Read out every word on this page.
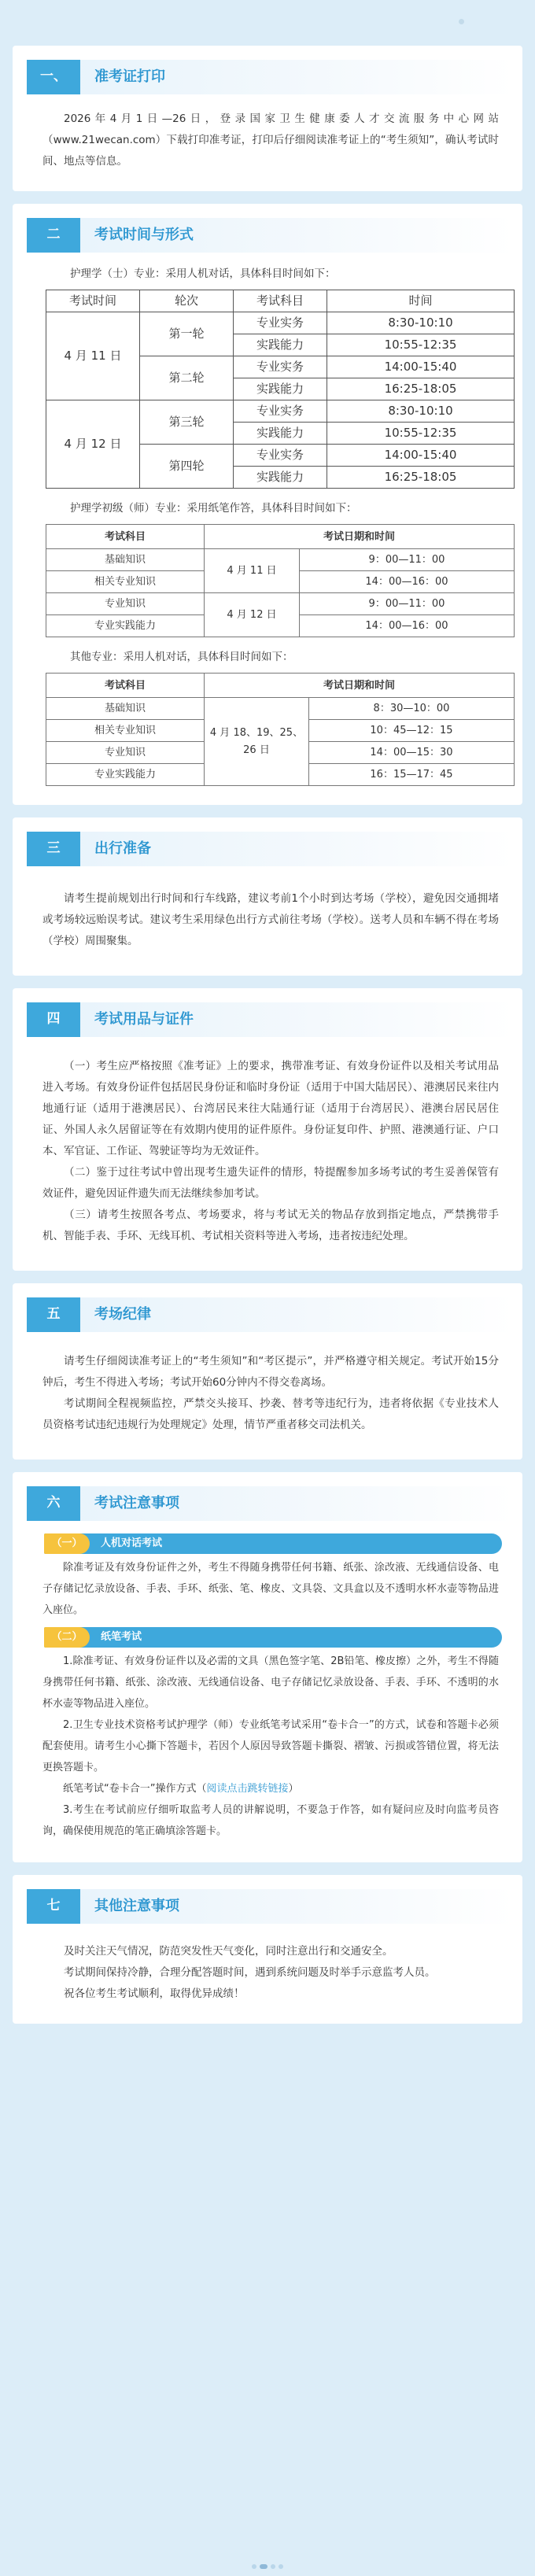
一、	准考证打印

2026年4月1日—26日，登录国家卫生健康委人才交流服务中心网站（www.21wecan.com）下载打印准考证，打印后仔细阅读准考证上的“考生须知”，确认考试时间、地点等信息。

二	考试时间与形式

护理学（士）专业：采用人机对话，具体科目时间如下：

考试时间	轮次	考试科目	时间
4 月 11 日	第一轮	专业实务	8:30-10:10
		实践能力	10:55-12:35
	第二轮	专业实务	14:00-15:40
		实践能力	16:25-18:05
4 月 12 日	第三轮	专业实务	8:30-10:10
		实践能力	10:55-12:35
	第四轮	专业实务	14:00-15:40
		实践能力	16:25-18:05

护理学初级（师）专业：采用纸笔作答，具体科目时间如下：

考试科目	考试日期和时间	
基础知识	4 月 11 日	9：00—11：00
相关专业知识		14：00—16：00
专业知识	4 月 12 日	9：00—11：00
专业实践能力		14：00—16：00

其他专业：采用人机对话，具体科目时间如下：

考试科目	考试日期和时间	
基础知识	4 月 18、19、25、26 日	8：30—10：00
相关专业知识		10：45—12：15
专业知识		14：00—15：30
专业实践能力		16：15—17：45
三	出行准备

请考生提前规划出行时间和行车线路，建议考前1个小时到达考场（学校），避免因交通拥堵或考场较远贻误考试。建议考生采用绿色出行方式前往考场（学校）。送考人员和车辆不得在考场（学校）周围聚集。

四	考试用品与证件

（一）考生应严格按照《准考证》上的要求，携带准考证、有效身份证件以及相关考试用品进入考场。有效身份证件包括居民身份证和临时身份证（适用于中国大陆居民）、港澳居民来往内地通行证（适用于港澳居民）、台湾居民来往大陆通行证（适用于台湾居民）、港澳台居民居住证、外国人永久居留证等在有效期内使用的证件原件。身份证复印件、护照、港澳通行证、户口本、军官证、工作证、驾驶证等均为无效证件。

（二）鉴于过往考试中曾出现考生遗失证件的情形，特提醒参加多场考试的考生妥善保管有效证件，避免因证件遗失而无法继续参加考试。

（三）请考生按照各考点、考场要求，将与考试无关的物品存放到指定地点，严禁携带手机、智能手表、手环、无线耳机、考试相关资料等进入考场，违者按违纪处理。

五	考场纪律

请考生仔细阅读准考证上的“考生须知”和“考区提示”，并严格遵守相关规定。考试开始15分钟后，考生不得进入考场；考试开始60分钟内不得交卷离场。

考试期间全程视频监控，严禁交头接耳、抄袭、替考等违纪行为，违者将依据《专业技术人员资格考试违纪违规行为处理规定》处理，情节严重者移交司法机关。

六	考试注意事项
（一）	人机对话考试

除准考证及有效身份证件之外，考生不得随身携带任何书籍、纸张、涂改液、无线通信设备、电子存储记忆录放设备、手表、手环、纸张、笔、橡皮、文具袋、文具盒以及不透明水杯水壶等物品进入座位。

（二）	纸笔考试

1.除准考证、有效身份证件以及必需的文具（黑色签字笔、2B铅笔、橡皮擦）之外，考生不得随身携带任何书籍、纸张、涂改液、无线通信设备、电子存储记忆录放设备、手表、手环、不透明的水杯水壶等物品进入座位。

2.卫生专业技术资格考试护理学（师）专业纸笔考试采用“卷卡合一”的方式，试卷和答题卡必须配套使用。请考生小心撕下答题卡，若因个人原因导致答题卡撕裂、褶皱、污损或答错位置，将无法更换答题卡。

纸笔考试“卷卡合一”操作方式（阅读点击跳转链接）

3.考生在考试前应仔细听取监考人员的讲解说明，不要急于作答，如有疑问应及时向监考员咨询，确保使用规范的笔正确填涂答题卡。

七	其他注意事项

及时关注天气情况，防范突发性天气变化，同时注意出行和交通安全。

考试期间保持冷静，合理分配答题时间，遇到系统问题及时举手示意监考人员。

祝各位考生考试顺利，取得优异成绩！
